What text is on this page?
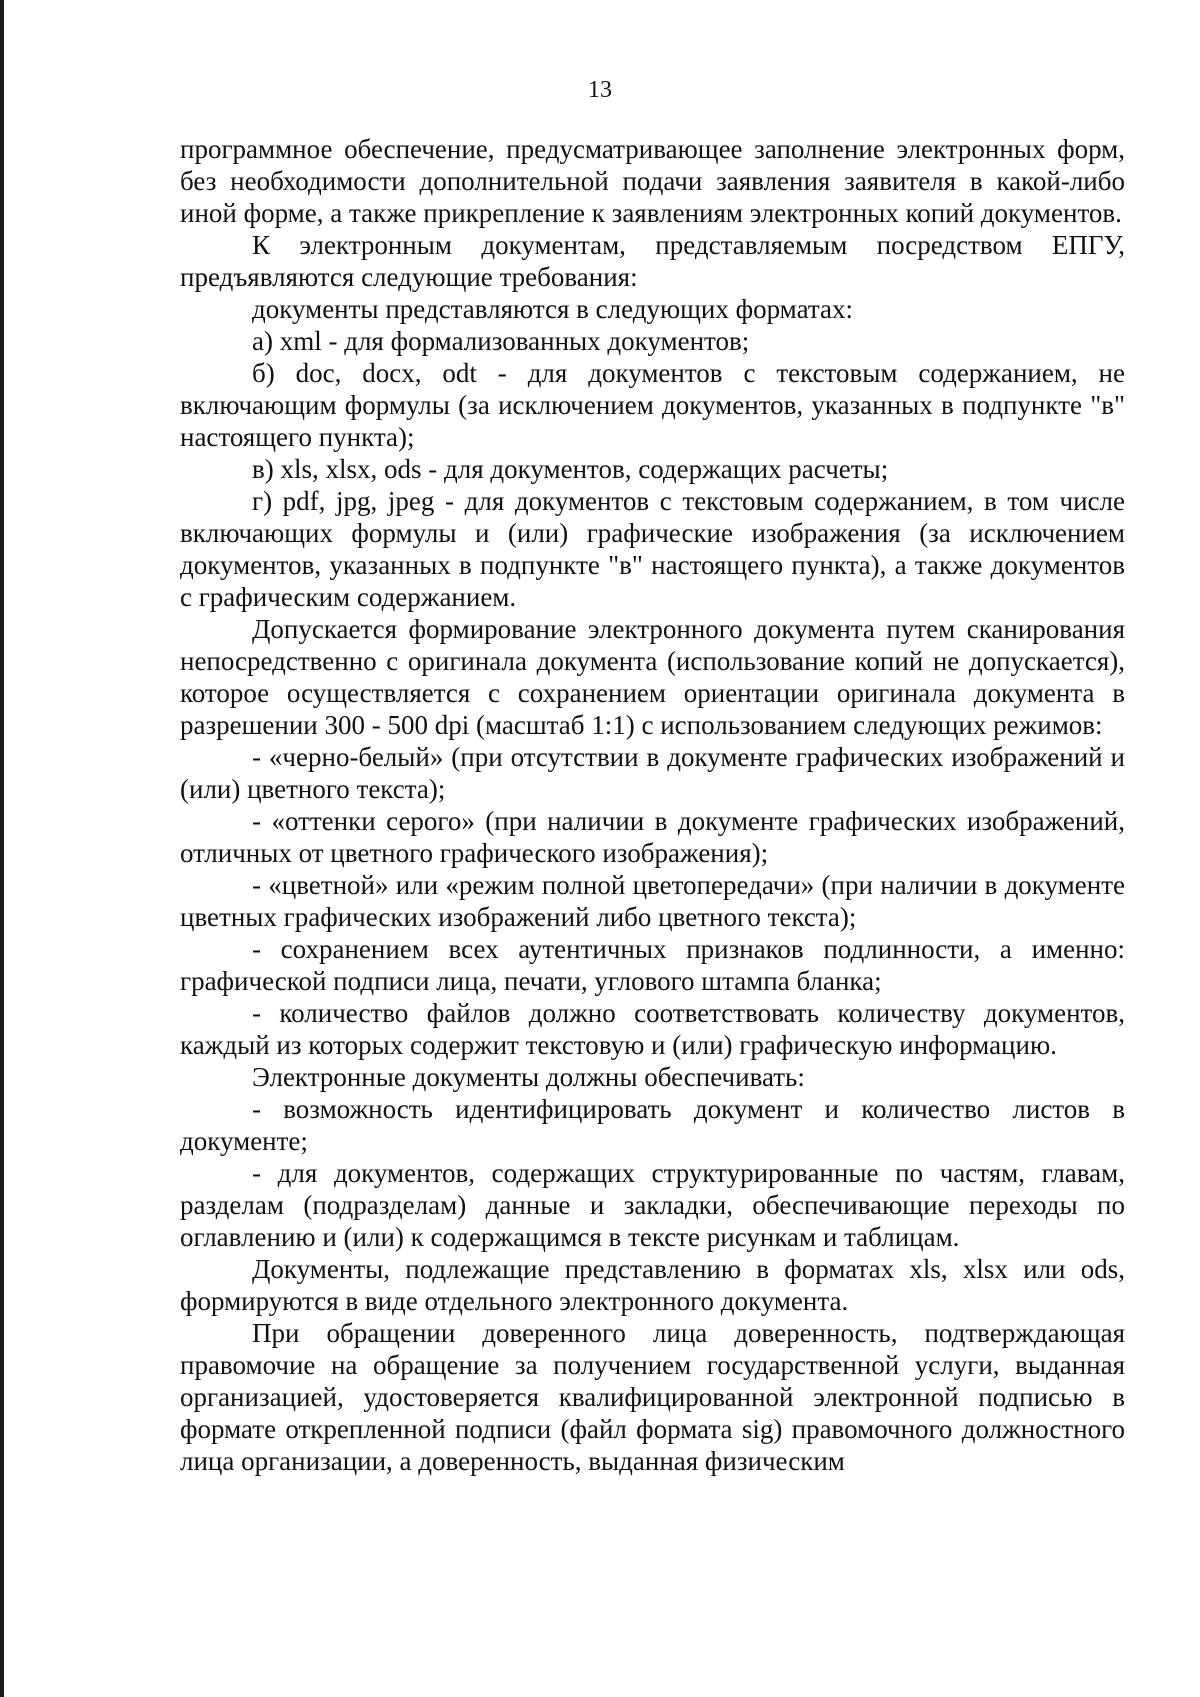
13

программное обеспечение, предусматривающее заполнение электронных форм, без необходимости дополнительной подачи заявления заявителя в какой-либо иной форме, а также прикрепление к заявлениям электронных копий документов.

К электронным документам, представляемым посредством ЕПГУ, предъявляются следующие требования:

документы представляются в следующих форматах:

а) xml - для формализованных документов;

б) doc, docx, odt - для документов с текстовым содержанием, не включающим формулы (за исключением документов, указанных в подпункте "в" настоящего пункта);

в) xls, xlsx, ods - для документов, содержащих расчеты;

г) pdf, jpg, jpeg - для документов с текстовым содержанием, в том числе включающих формулы и (или) графические изображения (за исключением документов, указанных в подпункте "в" настоящего пункта), а также документов с графическим содержанием.

Допускается формирование электронного документа путем сканирования непосредственно с оригинала документа (использование копий не допускается), которое осуществляется с сохранением ориентации оригинала документа в разрешении 300 - 500 dpi (масштаб 1:1) с использованием следующих режимов:

- «черно-белый» (при отсутствии в документе графических изображений и (или) цветного текста);

- «оттенки серого» (при наличии в документе графических изображений, отличных от цветного графического изображения);

- «цветной» или «режим полной цветопередачи» (при наличии в документе цветных графических изображений либо цветного текста);

- сохранением всех аутентичных признаков подлинности, а именно: графической подписи лица, печати, углового штампа бланка;

- количество файлов должно соответствовать количеству документов, каждый из которых содержит текстовую и (или) графическую информацию.

Электронные документы должны обеспечивать:

- возможность идентифицировать документ и количество листов в документе;

- для документов, содержащих структурированные по частям, главам, разделам (подразделам) данные и закладки, обеспечивающие переходы по оглавлению и (или) к содержащимся в тексте рисункам и таблицам.

Документы, подлежащие представлению в форматах xls, xlsx или ods, формируются в виде отдельного электронного документа.

При обращении доверенного лица доверенность, подтверждающая правомочие на обращение за получением государственной услуги, выданная организацией, удостоверяется квалифицированной электронной подписью в формате открепленной подписи (файл формата sig) правомочного должностного лица организации, а доверенность, выданная физическим
